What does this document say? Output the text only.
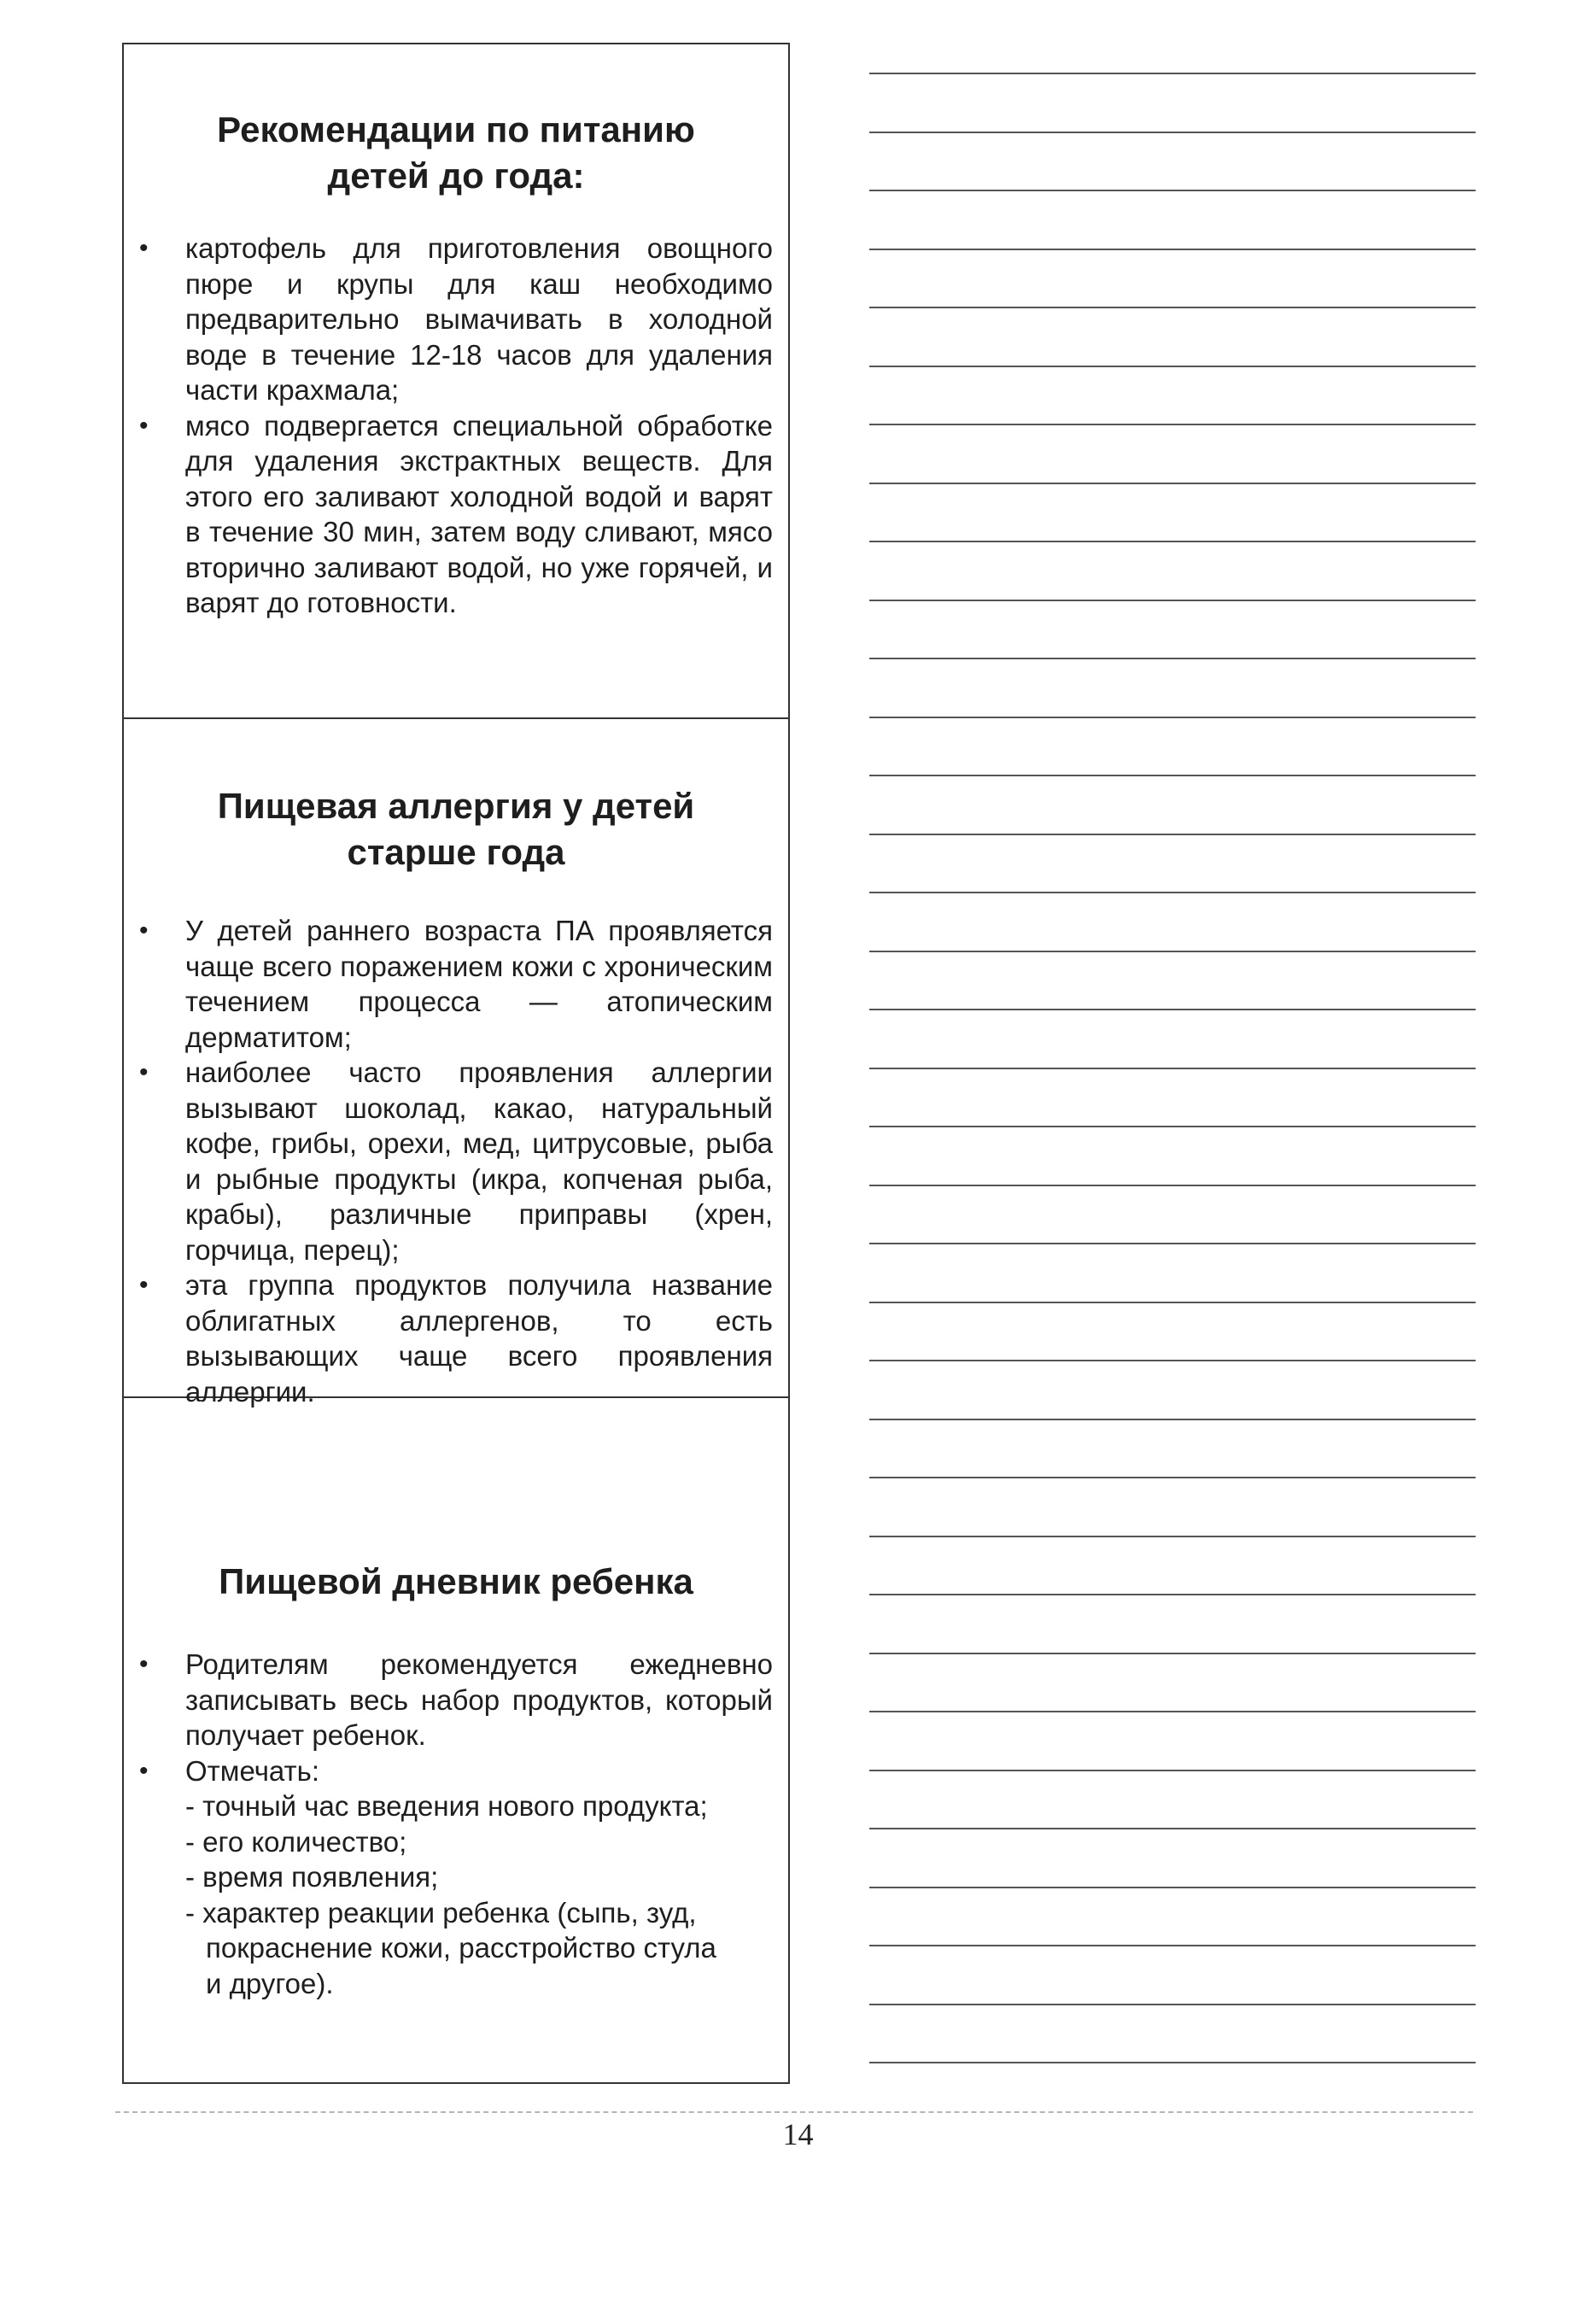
Рекомендации по питанию
детей до года:
• картофель для приготовления овощного пюре и крупы для каш необходимо предварительно вымачивать в холодной воде в течение 12-18 часов для удаления части крахмала;
• мясо подвергается специальной обработке для удаления экстрактных веществ. Для этого его заливают холодной водой и варят в течение 30 мин, затем воду сливают, мясо вторично заливают водой, но уже горячей, и варят до готовности.
Пищевая аллергия у детей
старше года
• У детей раннего возраста ПА проявляется чаще всего поражением кожи с хроническим течением процесса — атопическим дерматитом;
• наиболее часто проявления аллергии вызывают шоколад, какао, натуральный кофе, грибы, орехи, мед, цитрусовые, рыба и рыбные продукты (икра, копченая рыба, крабы), различные приправы (хрен, горчица, перец);
• эта группа продуктов получила название облигатных аллергенов, то есть вызывающих чаще всего проявления аллергии.
Пищевой дневник ребенка
• Родителям рекомендуется ежедневно записывать весь набор продуктов, который получает ребенок.
• Отмечать:
- точный час введения нового продукта;
- его количество;
- время появления;
- характер реакции ребенка (сыпь, зуд,
покраснение кожи, расстройство стула
и другое).
14
